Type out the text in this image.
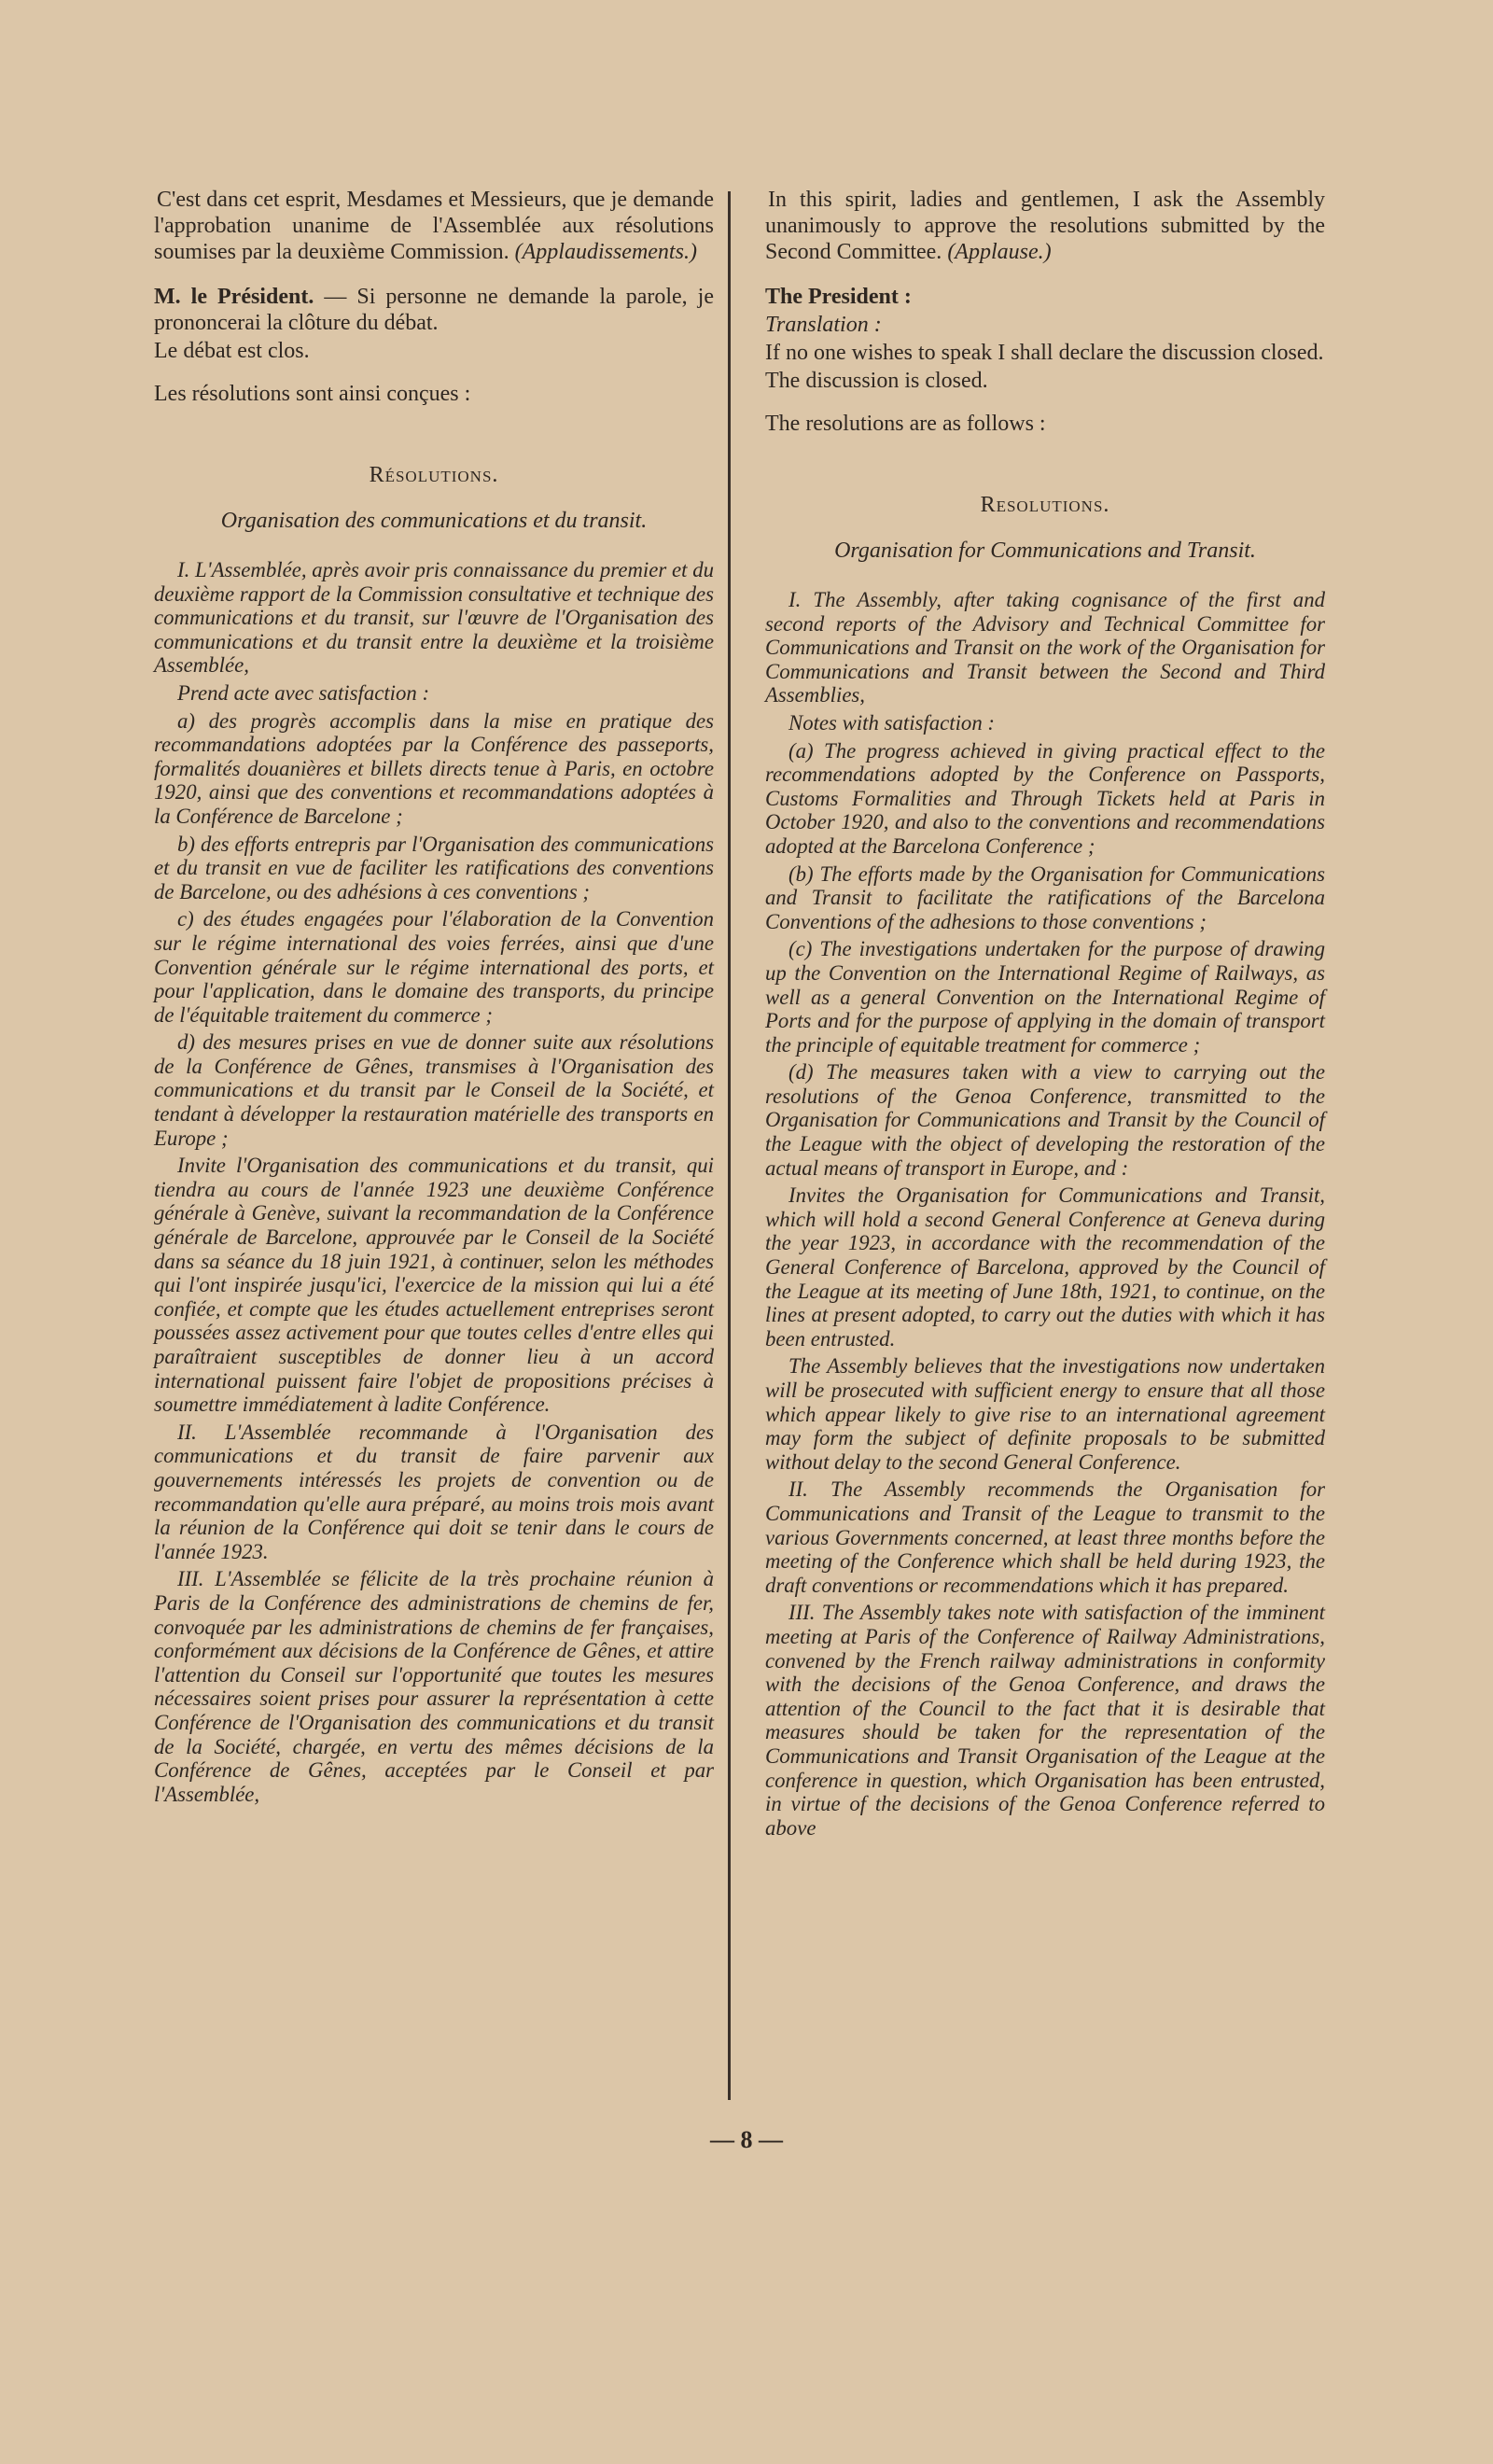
C'est dans cet esprit, Mesdames et Messieurs, que je demande l'approbation unanime de l'Assemblée aux résolutions soumises par la deuxième Commission. (Applaudissements.)

M. le Président. — Si personne ne demande la parole, je prononcerai la clôture du débat.

Le débat est clos.

Les résolutions sont ainsi conçues :

Résolutions.
Organisation des communications et du transit.

I. L'Assemblée, après avoir pris connaissance du premier et du deuxième rapport de la Commission consultative et technique des communications et du transit, sur l'œuvre de l'Organisation des communications et du transit entre la deuxième et la troisième Assemblée,

Prend acte avec satisfaction :

a) des progrès accomplis dans la mise en pratique des recommandations adoptées par la Conférence des passeports, formalités douanières et billets directs tenue à Paris, en octobre 1920, ainsi que des conventions et recommandations adoptées à la Conférence de Barcelone ;

b) des efforts entrepris par l'Organisation des communications et du transit en vue de faciliter les ratifications des conventions de Barcelone, ou des adhésions à ces conventions ;

c) des études engagées pour l'élaboration de la Convention sur le régime international des voies ferrées, ainsi que d'une Convention générale sur le régime international des ports, et pour l'application, dans le domaine des transports, du principe de l'équitable traitement du commerce ;

d) des mesures prises en vue de donner suite aux résolutions de la Conférence de Gênes, transmises à l'Organisation des communications et du transit par le Conseil de la Société, et tendant à développer la restauration matérielle des transports en Europe ;

Invite l'Organisation des communications et du transit, qui tiendra au cours de l'année 1923 une deuxième Conférence générale à Genève, suivant la recommandation de la Conférence générale de Barcelone, approuvée par le Conseil de la Société dans sa séance du 18 juin 1921, à continuer, selon les méthodes qui l'ont inspirée jusqu'ici, l'exercice de la mission qui lui a été confiée, et compte que les études actuellement entreprises seront poussées assez activement pour que toutes celles d'entre elles qui paraîtraient susceptibles de donner lieu à un accord international puissent faire l'objet de propositions précises à soumettre immédiatement à ladite Conférence.

II. L'Assemblée recommande à l'Organisation des communications et du transit de faire parvenir aux gouvernements intéressés les projets de convention ou de recommandation qu'elle aura préparé, au moins trois mois avant la réunion de la Conférence qui doit se tenir dans le cours de l'année 1923.

III. L'Assemblée se félicite de la très prochaine réunion à Paris de la Conférence des administrations de chemins de fer, convoquée par les administrations de chemins de fer françaises, conformément aux décisions de la Conférence de Gênes, et attire l'attention du Conseil sur l'opportunité que toutes les mesures nécessaires soient prises pour assurer la représentation à cette Conférence de l'Organisation des communications et du transit de la Société, chargée, en vertu des mêmes décisions de la Conférence de Gênes, acceptées par le Conseil et par l'Assemblée,

In this spirit, ladies and gentlemen, I ask the Assembly unanimously to approve the resolutions submitted by the Second Committee. (Applause.)

The President :

Translation :

If no one wishes to speak I shall declare the discussion closed.

The discussion is closed.

The resolutions are as follows :

Resolutions.
Organisation for Communications and Transit.

I. The Assembly, after taking cognisance of the first and second reports of the Advisory and Technical Committee for Communications and Transit on the work of the Organisation for Communications and Transit between the Second and Third Assemblies,

Notes with satisfaction :

(a) The progress achieved in giving practical effect to the recommendations adopted by the Conference on Passports, Customs Formalities and Through Tickets held at Paris in October 1920, and also to the conventions and recommendations adopted at the Barcelona Conference ;

(b) The efforts made by the Organisation for Communications and Transit to facilitate the ratifications of the Barcelona Conventions of the adhesions to those conventions ;

(c) The investigations undertaken for the purpose of drawing up the Convention on the International Regime of Railways, as well as a general Convention on the International Regime of Ports and for the purpose of applying in the domain of transport the principle of equitable treatment for commerce ;

(d) The measures taken with a view to carrying out the resolutions of the Genoa Conference, transmitted to the Organisation for Communications and Transit by the Council of the League with the object of developing the restoration of the actual means of transport in Europe, and :

Invites the Organisation for Communications and Transit, which will hold a second General Conference at Geneva during the year 1923, in accordance with the recommendation of the General Conference of Barcelona, approved by the Council of the League at its meeting of June 18th, 1921, to continue, on the lines at present adopted, to carry out the duties with which it has been entrusted.

The Assembly believes that the investigations now undertaken will be prosecuted with sufficient energy to ensure that all those which appear likely to give rise to an international agreement may form the subject of definite proposals to be submitted without delay to the second General Conference.

II. The Assembly recommends the Organisation for Communications and Transit of the League to transmit to the various Governments concerned, at least three months before the meeting of the Conference which shall be held during 1923, the draft conventions or recommendations which it has prepared.

III. The Assembly takes note with satisfaction of the imminent meeting at Paris of the Conference of Railway Administrations, convened by the French railway administrations in conformity with the decisions of the Genoa Conference, and draws the attention of the Council to the fact that it is desirable that measures should be taken for the representation of the Communications and Transit Organisation of the League at the conference in question, which Organisation has been entrusted, in virtue of the decisions of the Genoa Conference referred to above

— 8 —
